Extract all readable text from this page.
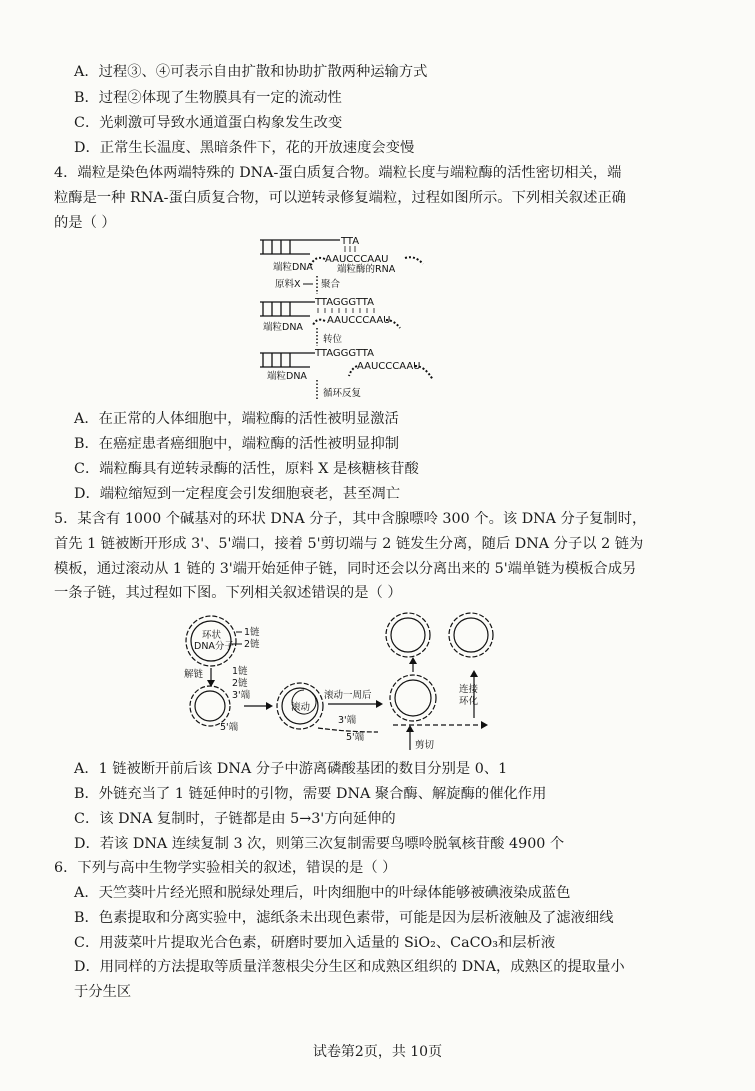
A．过程③、④可表示自由扩散和协助扩散两种运输方式
B．过程②体现了生物膜具有一定的流动性
C．光刺激可导致水通道蛋白构象发生改变
D．正常生长温度、黑暗条件下，花的开放速度会变慢
4．端粒是染色体两端特殊的 DNA-蛋白质复合物。端粒长度与端粒酶的活性密切相关，端
粒酶是一种 RNA-蛋白质复合物，可以逆转录修复端粒，过程如图所示。下列相关叙述正确
的是（ ）
TTA
AAUCCCAAU
端粒DNA	端粒酶的RNA
原料X 聚合
TTAGGGTTA
AAUCCCAAU
端粒DNA
转位
TTAGGGTTA
AAUCCCAAU
端粒DNA
循环反复
A．在正常的人体细胞中，端粒酶的活性被明显激活
B．在癌症患者癌细胞中，端粒酶的活性被明显抑制
C．端粒酶具有逆转录酶的活性，原料 X 是核糖核苷酸
D．端粒缩短到一定程度会引发细胞衰老，甚至凋亡
5．某含有 1000 个碱基对的环状 DNA 分子，其中含腺嘌呤 300 个。该 DNA 分子复制时，
首先 1 链被断开形成 3'、5'端口，接着 5'剪切端与 2 链发生分离，随后 DNA 分子以 2 链为
模板，通过滚动从 1 链的 3'端开始延伸子链，同时还会以分离出来的 5'端单链为模板合成另
一条子链，其过程如下图。下列相关叙述错误的是（ ）
环状
DNA分子
1链
2链
解链	1链
2链
3'端
5'端
滚动
3'端
5'端
滚动一周后
剪切
连接
环化
A．1 链被断开前后该 DNA 分子中游离磷酸基团的数目分别是 0、1
B．外链充当了 1 链延伸时的引物，需要 DNA 聚合酶、解旋酶的催化作用
C．该 DNA 复制时，子链都是由 5→3'方向延伸的
D．若该 DNA 连续复制 3 次，则第三次复制需要鸟嘌呤脱氧核苷酸 4900 个
6．下列与高中生物学实验相关的叙述，错误的是（ ）
A．天竺葵叶片经光照和脱绿处理后，叶肉细胞中的叶绿体能够被碘液染成蓝色
B．色素提取和分离实验中，滤纸条未出现色素带，可能是因为层析液触及了滤液细线
C．用菠菜叶片提取光合色素，研磨时要加入适量的 SiO₂、CaCO₃和层析液
D．用同样的方法提取等质量洋葱根尖分生区和成熟区组织的 DNA，成熟区的提取量小
于分生区
试卷第2页，共 10页
